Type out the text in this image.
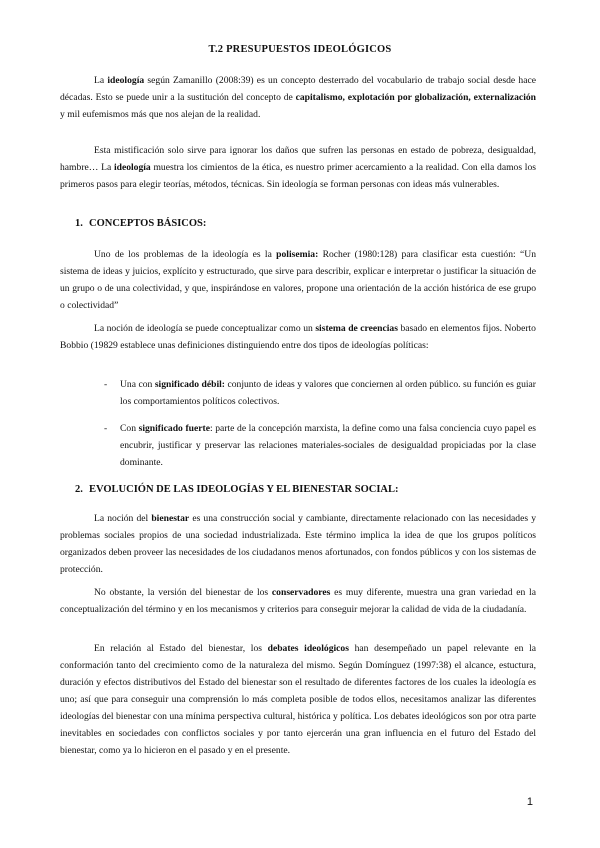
T.2 PRESUPUESTOS IDEOLÓGICOS

La ideología según Zamanillo (2008:39) es un concepto desterrado del vocabulario de trabajo social desde hace décadas. Esto se puede unir a la sustitución del concepto de capitalismo, explotación por globalización, externalización y mil eufemismos más que nos alejan de la realidad.

Esta mistificación solo sirve para ignorar los daños que sufren las personas en estado de pobreza, desigualdad, hambre… La ideología muestra los cimientos de la ética, es nuestro primer acercamiento a la realidad. Con ella damos los primeros pasos para elegir teorías, métodos, técnicas. Sin ideología se forman personas con ideas más vulnerables.

1. CONCEPTOS BÁSICOS:

Uno de los problemas de la ideología es la polisemia: Rocher (1980:128) para clasificar esta cuestión: “Un sistema de ideas y juicios, explícito y estructurado, que sirve para describir, explicar e interpretar o justificar la situación de un grupo o de una colectividad, y que, inspirándose en valores, propone una orientación de la acción histórica de ese grupo o colectividad”

La noción de ideología se puede conceptualizar como un sistema de creencias basado en elementos fijos. Noberto Bobbio (19829 establece unas definiciones distinguiendo entre dos tipos de ideologías políticas:

- Una con significado débil: conjunto de ideas y valores que conciernen al orden público. su función es guiar los comportamientos políticos colectivos.
- Con significado fuerte: parte de la concepción marxista, la define como una falsa conciencia cuyo papel es encubrir, justificar y preservar las relaciones materiales-sociales de desigualdad propiciadas por la clase dominante.
2. EVOLUCIÓN DE LAS IDEOLOGÍAS Y EL BIENESTAR SOCIAL:

La noción del bienestar es una construcción social y cambiante, directamente relacionado con las necesidades y problemas sociales propios de una sociedad industrializada. Este término implica la idea de que los grupos políticos organizados deben proveer las necesidades de los ciudadanos menos afortunados, con fondos públicos y con los sistemas de protección.

No obstante, la versión del bienestar de los conservadores es muy diferente, muestra una gran variedad en la conceptualización del término y en los mecanismos y criterios para conseguir mejorar la calidad de vida de la ciudadanía.

En relación al Estado del bienestar, los debates ideológicos han desempeñado un papel relevante en la conformación tanto del crecimiento como de la naturaleza del mismo. Según Domínguez (1997:38) el alcance, estuctura, duración y efectos distributivos del Estado del bienestar son el resultado de diferentes factores de los cuales la ideología es uno; así que para conseguir una comprensión lo más completa posible de todos ellos, necesitamos analizar las diferentes ideologías del bienestar con una mínima perspectiva cultural, histórica y política. Los debates ideológicos son por otra parte inevitables en sociedades con conflictos sociales y por tanto ejercerán una gran influencia en el futuro del Estado del bienestar, como ya lo hicieron en el pasado y en el presente.

1
